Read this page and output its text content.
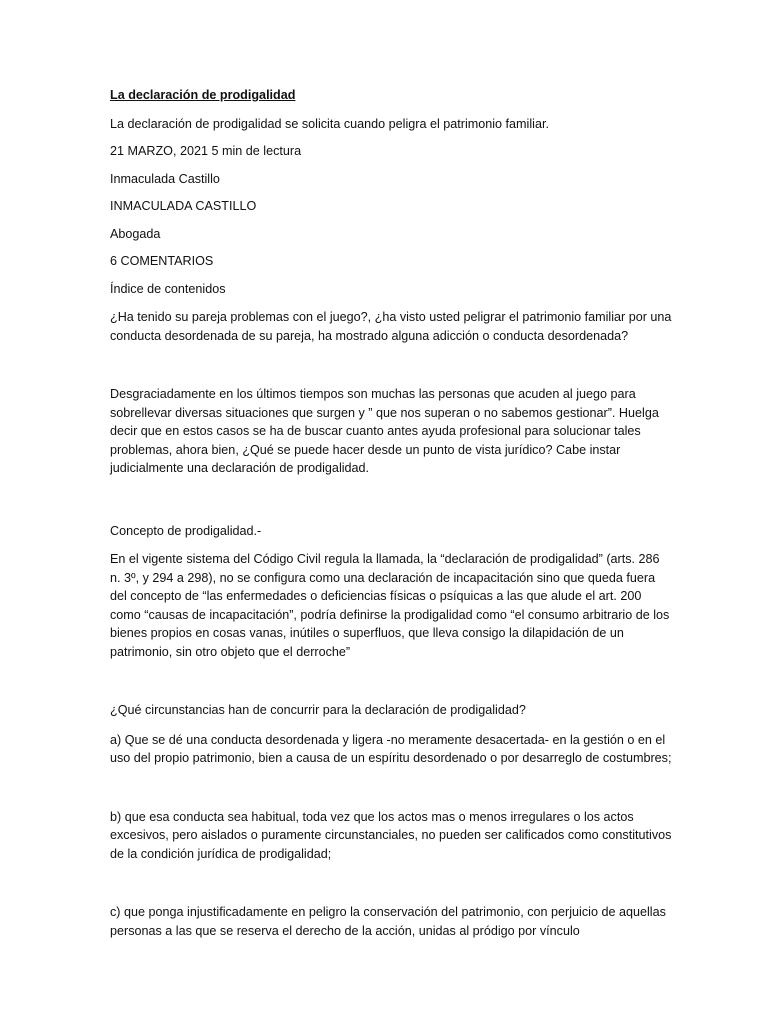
La declaración de prodigalidad

La declaración de prodigalidad se solicita cuando peligra el patrimonio familiar.

21 MARZO, 2021 5 min de lectura

Inmaculada Castillo

INMACULADA CASTILLO

Abogada

6 COMENTARIOS

Índice de contenidos

¿Ha tenido su pareja problemas con el juego?, ¿ha visto usted peligrar el patrimonio familiar por una conducta desordenada de su pareja, ha mostrado alguna adicción o conducta desordenada?

Desgraciadamente en los últimos tiempos son muchas las personas que acuden al juego para sobrellevar diversas situaciones que surgen y ” que nos superan o no sabemos gestionar”. Huelga decir que en estos casos se ha de buscar cuanto antes ayuda profesional para solucionar tales problemas, ahora bien, ¿Qué se puede hacer desde un punto de vista jurídico? Cabe instar judicialmente una declaración de prodigalidad.

Concepto de prodigalidad.-

En el vigente sistema del Código Civil regula la llamada, la “declaración de prodigalidad” (arts. 286 n. 3º, y 294 a 298), no se configura como una declaración de incapacitación sino que queda fuera del concepto de “las enfermedades o deficiencias físicas o psíquicas a las que alude el art. 200 como “causas de incapacitación”, podría definirse la prodigalidad como “el consumo arbitrario de los bienes propios en cosas vanas, inútiles o superfluos, que lleva consigo la dilapidación de un patrimonio, sin otro objeto que el derroche”

¿Qué circunstancias han de concurrir para la declaración de prodigalidad?

a) Que se dé una conducta desordenada y ligera -no meramente desacertada- en la gestión o en el uso del propio patrimonio, bien a causa de un espíritu desordenado o por desarreglo de costumbres;

b) que esa conducta sea habitual, toda vez que los actos mas o menos irregulares o los actos excesivos, pero aislados o puramente circunstanciales, no pueden ser calificados como constitutivos de la condición jurídica de prodigalidad;

c) que ponga injustificadamente en peligro la conservación del patrimonio, con perjuicio de aquellas personas a las que se reserva el derecho de la acción, unidas al pródigo por vínculo
